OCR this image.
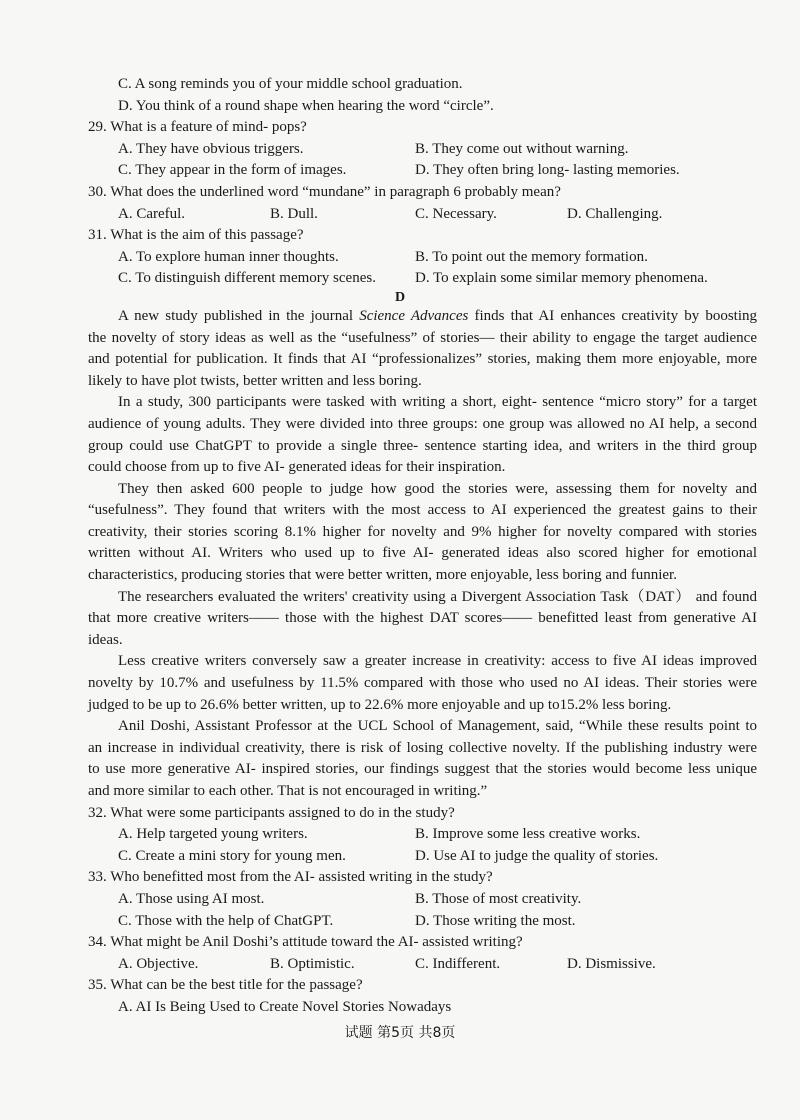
C. A song reminds you of your middle school graduation.
D. You think of a round shape when hearing the word “circle”.
29. What is a feature of mind- pops?
A. They have obvious triggers.	B. They come out without warning.
C. They appear in the form of images.	D. They often bring long- lasting memories.
30. What does the underlined word “mundane” in paragraph 6 probably mean?
A. Careful.	B. Dull.	C. Necessary.	D. Challenging.
31. What is the aim of this passage?
A. To explore human inner thoughts.	B. To point out the memory formation.
C. To distinguish different memory scenes.	D. To explain some similar memory phenomena.
D
A new study published in the journal Science Advances finds that AI enhances creativity by boosting
the novelty of story ideas as well as the “usefulness” of stories— their ability to engage the target audience
and potential for publication. It finds that AI “professionalizes” stories, making them more enjoyable, more
likely to have plot twists, better written and less boring.
In a study, 300 participants were tasked with writing a short, eight- sentence “micro story” for a target
audience of young adults. They were divided into three groups: one group was allowed no AI help, a second
group could use ChatGPT to provide a single three- sentence starting idea, and writers in the third group
could choose from up to five AI- generated ideas for their inspiration.
They then asked 600 people to judge how good the stories were, assessing them for novelty and
“usefulness”. They found that writers with the most access to AI experienced the greatest gains to their
creativity, their stories scoring 8.1% higher for novelty and 9% higher for novelty compared with stories
written without AI. Writers who used up to five AI- generated ideas also scored higher for emotional
characteristics, producing stories that were better written, more enjoyable, less boring and funnier.
The researchers evaluated the writers' creativity using a Divergent Association Task（DAT） and found
that more creative writers—— those with the highest DAT scores—— benefitted least from generative AI
ideas.
Less creative writers conversely saw a greater increase in creativity: access to five AI ideas improved
novelty by 10.7% and usefulness by 11.5% compared with those who used no AI ideas. Their stories were
judged to be up to 26.6% better written, up to 22.6% more enjoyable and up to15.2% less boring.
Anil Doshi, Assistant Professor at the UCL School of Management, said, “While these results point to
an increase in individual creativity, there is risk of losing collective novelty. If the publishing industry were
to use more generative AI- inspired stories, our findings suggest that the stories would become less unique
and more similar to each other. That is not encouraged in writing.”
32. What were some participants assigned to do in the study?
A. Help targeted young writers.	B. Improve some less creative works.
C. Create a mini story for young men.	D. Use AI to judge the quality of stories.
33. Who benefitted most from the AI- assisted writing in the study?
A. Those using AI most.	B. Those of most creativity.
C. Those with the help of ChatGPT.	D. Those writing the most.
34. What might be Anil Doshi’s attitude toward the AI- assisted writing?
A. Objective.	B. Optimistic.	C. Indifferent.	D. Dismissive.
35. What can be the best title for the passage?
A. AI Is Being Used to Create Novel Stories Nowadays
试题 第5页 共8页
